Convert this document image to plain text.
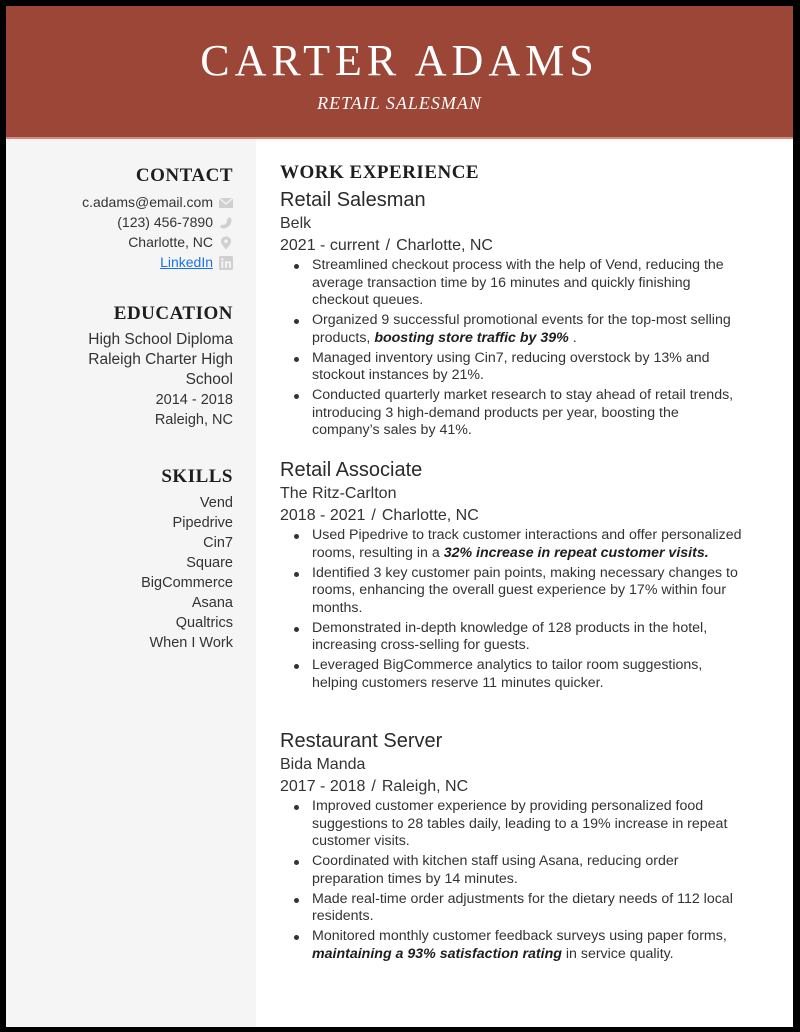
CARTER ADAMS
RETAIL SALESMAN
CONTACT
c.adams@email.com
(123) 456-7890
Charlotte, NC
LinkedIn
EDUCATION
High School Diploma
Raleigh Charter High
School
2014 - 2018
Raleigh, NC
SKILLS
Vend
Pipedrive
Cin7
Square
BigCommerce
Asana
Qualtrics
When I Work
WORK EXPERIENCE
Retail Salesman
Belk
2021 - current / Charlotte, NC
Streamlined checkout process with the help of Vend, reducing the average transaction time by 16 minutes and quickly finishing checkout queues.
Organized 9 successful promotional events for the top-most selling products, boosting store traffic by 39% .
Managed inventory using Cin7, reducing overstock by 13% and stockout instances by 21%.
Conducted quarterly market research to stay ahead of retail trends, introducing 3 high-demand products per year, boosting the company’s sales by 41%.
Retail Associate
The Ritz-Carlton
2018 - 2021 / Charlotte, NC
Used Pipedrive to track customer interactions and offer personalized rooms, resulting in a 32% increase in repeat customer visits.
Identified 3 key customer pain points, making necessary changes to rooms, enhancing the overall guest experience by 17% within four months.
Demonstrated in-depth knowledge of 128 products in the hotel, increasing cross-selling for guests.
Leveraged BigCommerce analytics to tailor room suggestions, helping customers reserve 11 minutes quicker.
Restaurant Server
Bida Manda
2017 - 2018 / Raleigh, NC
Improved customer experience by providing personalized food suggestions to 28 tables daily, leading to a 19% increase in repeat customer visits.
Coordinated with kitchen staff using Asana, reducing order preparation times by 14 minutes.
Made real-time order adjustments for the dietary needs of 112 local residents.
Monitored monthly customer feedback surveys using paper forms, maintaining a 93% satisfaction rating in service quality.
